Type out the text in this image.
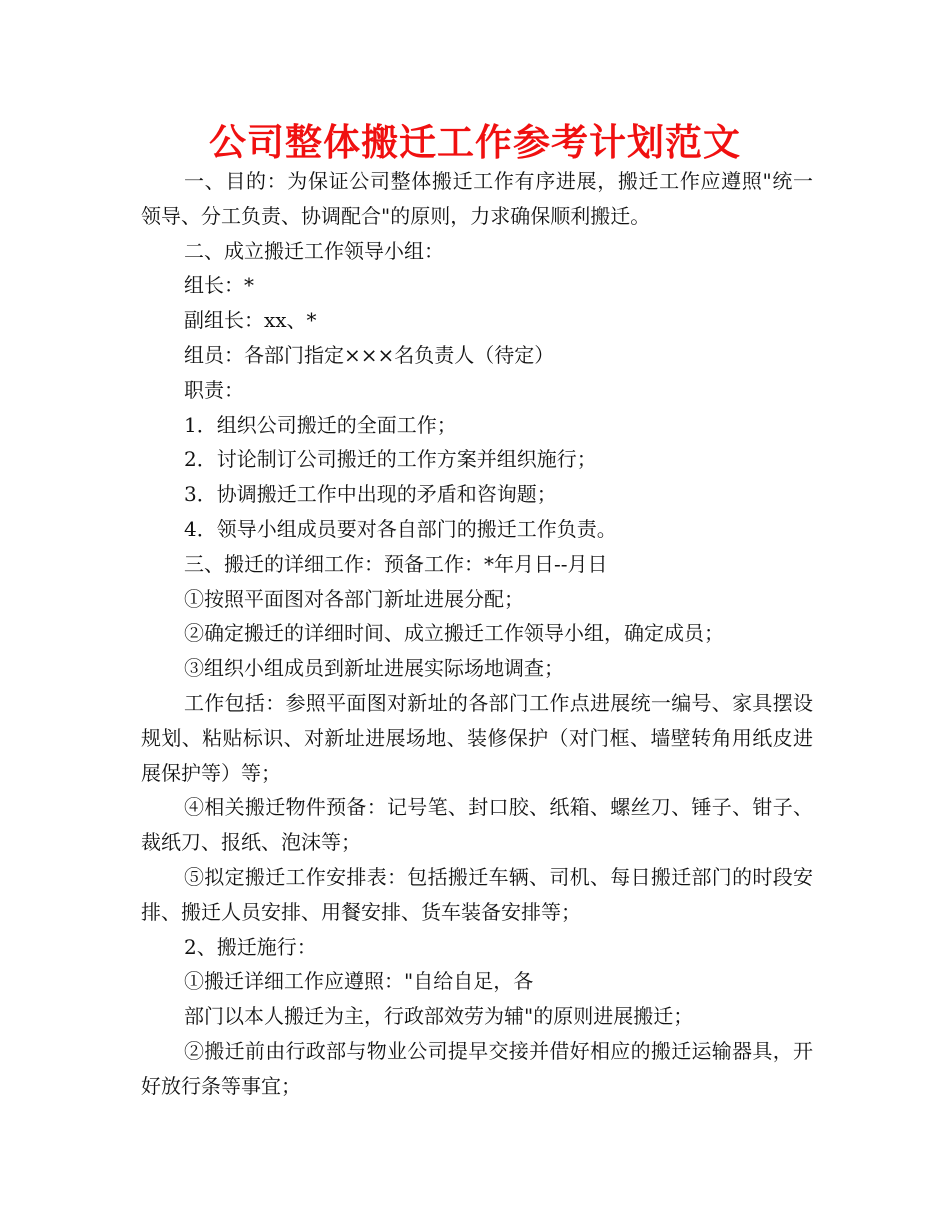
公司整体搬迁工作参考计划范文

一、目的：为保证公司整体搬迁工作有序进展，搬迁工作应遵照"统一领导、分工负责、协调配合"的原则，力求确保顺利搬迁。

二、成立搬迁工作领导小组：

组长：*

副组长：xx、*

组员：各部门指定×××名负责人（待定）

职责：

1．组织公司搬迁的全面工作；

2．讨论制订公司搬迁的工作方案并组织施行；

3．协调搬迁工作中出现的矛盾和咨询题；

4．领导小组成员要对各自部门的搬迁工作负责。

三、搬迁的详细工作：预备工作：*年月日--月日

①按照平面图对各部门新址进展分配；

②确定搬迁的详细时间、成立搬迁工作领导小组，确定成员；

③组织小组成员到新址进展实际场地调查；

工作包括：参照平面图对新址的各部门工作点进展统一编号、家具摆设规划、粘贴标识、对新址进展场地、装修保护（对门框、墙壁转角用纸皮进展保护等）等；

④相关搬迁物件预备：记号笔、封口胶、纸箱、螺丝刀、锤子、钳子、裁纸刀、报纸、泡沫等；

⑤拟定搬迁工作安排表：包括搬迁车辆、司机、每日搬迁部门的时段安排、搬迁人员安排、用餐安排、货车装备安排等；

2、搬迁施行：

①搬迁详细工作应遵照："自给自足，各

部门以本人搬迁为主，行政部效劳为辅"的原则进展搬迁；

②搬迁前由行政部与物业公司提早交接并借好相应的搬迁运输器具，开好放行条等事宜；
